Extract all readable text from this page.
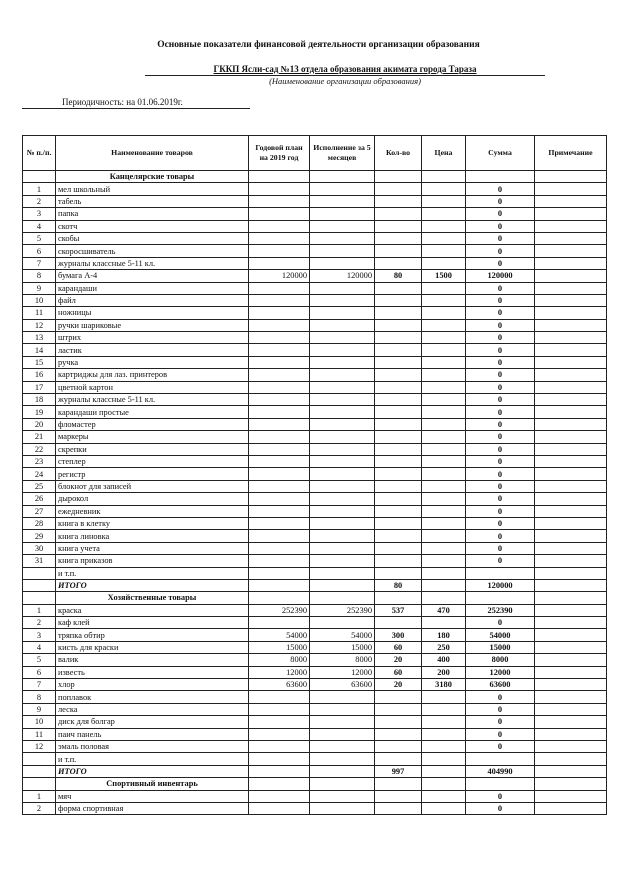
Основные показатели финансовой деятельности организации образования
ГККП Ясли-сад №13 отдела образования акимата города Тараза
(Наименование организации образования)
Периодичность: на 01.06.2019г.
№ п./п.	Наименование товаров	Годовой план на 2019 год	Исполнение за 5 месяцев	Кол-во	Цена	Сумма	Примечание
	Канцелярские товары						
1	мел школьный					0	
2	табель					0	
3	папка					0	
4	скотч					0	
5	скобы					0	
6	скоросшиватель					0	
7	журналы классные 5-11 кл.					0	
8	бумага А-4	120000	120000	80	1500	120000	
9	карандаши					0	
10	файл					0	
11	ножницы					0	
12	ручки шариковые					0	
13	штрих					0	
14	ластик					0	
15	ручка					0	
16	картриджы для лаз. принтеров					0	
17	цветной картон					0	
18	журналы классные 5-11 кл.					0	
19	карандаши простые					0	
20	фломастер					0	
21	маркеры					0	
22	скрепки					0	
23	степлер					0	
24	регистр					0	
25	блокнот для записей					0	
26	дырокол					0	
27	ежедневник					0	
28	книга в клетку					0	
29	книга линовка					0	
30	книга учета					0	
31	книга приказов					0	
	и т.п.						
	ИТОГО			80		120000	
	Хозяйственные товары						
1	краска	252390	252390	537	470	252390	
2	каф клей					0	
3	тряпка обтир	54000	54000	300	180	54000	
4	кисть для краски	15000	15000	60	250	15000	
5	валик	8000	8000	20	400	8000	
6	известь	12000	12000	60	200	12000	
7	хлор	63600	63600	20	3180	63600	
8	поплавок					0	
9	леска					0	
10	диск для болгар					0	
11	паич панель					0	
12	эмаль половая					0	
	и т.п.						
	ИТОГО			997		404990	
	Спортивный инвентарь						
1	мяч					0	
2	форма спортивная					0	
